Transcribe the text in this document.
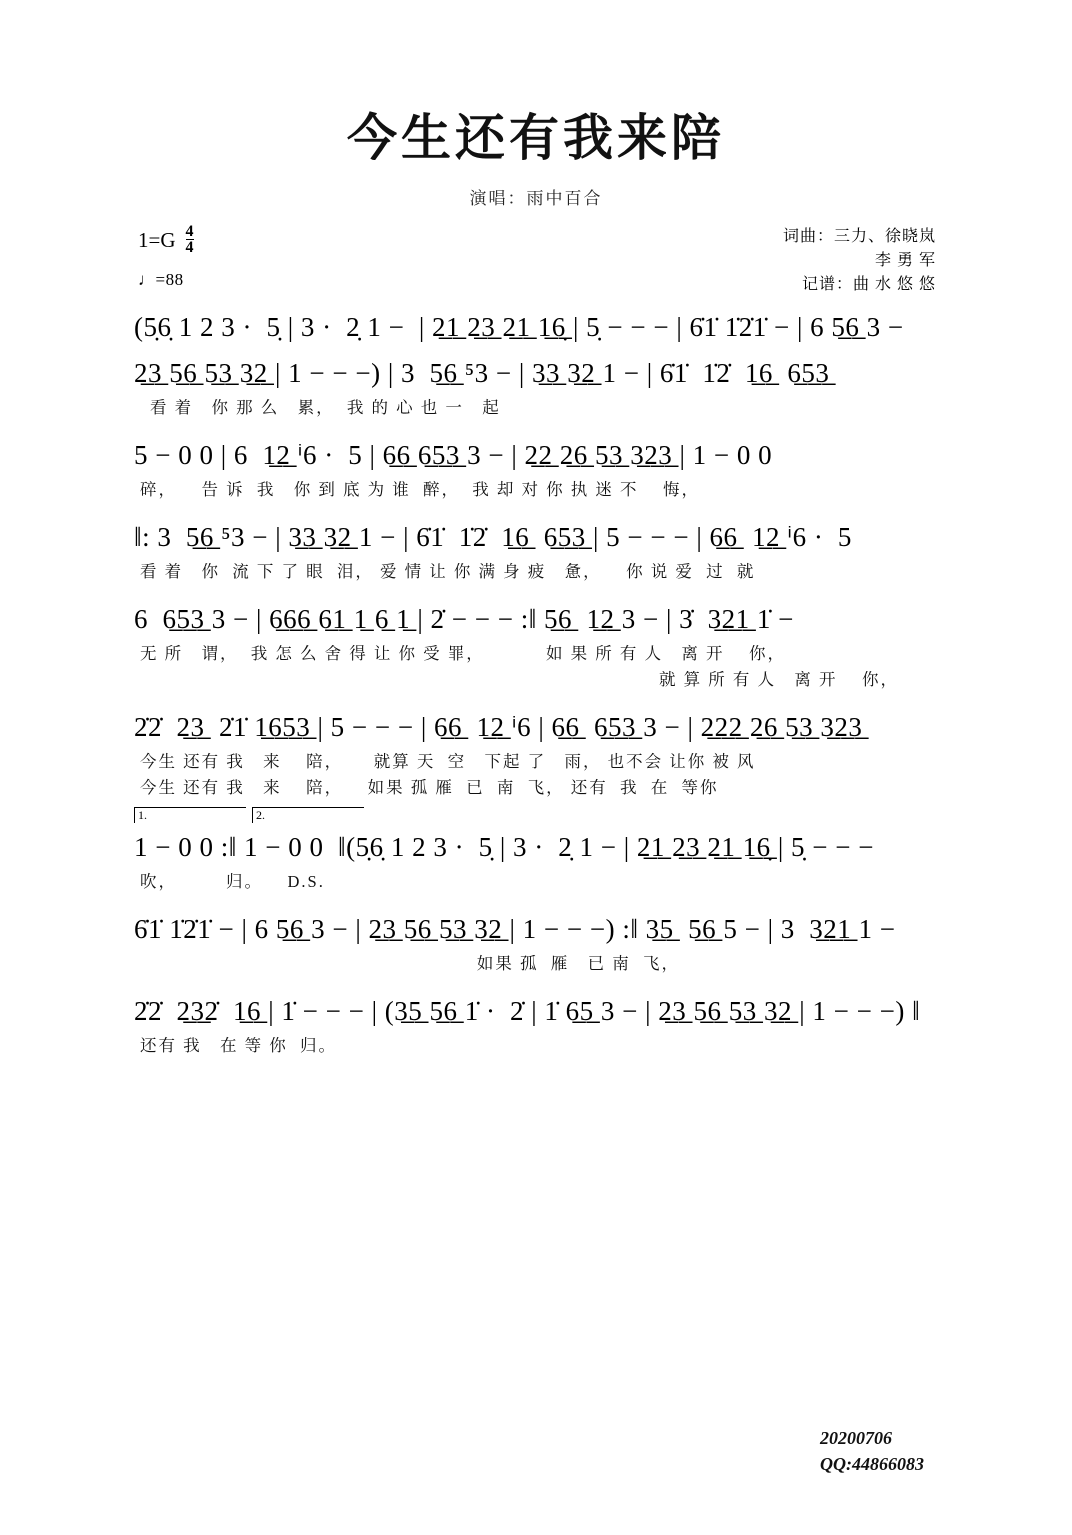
今生还有我来陪
演唱：雨中百合
$1=G \frac{4}{4}$
♩=88
词曲：三力、徐晓岚
李 勇 军
记谱：曲 水 悠 悠
(5̣6̣ 1 2 3 ·  5̣ | 3 ·  2̣ 1 −  | 2̲1̲ 2̲3̲ 2̲1̲ 1̲6̲̣ | 5̣ − − − | 6̇1̇ 1̇2̇1̇ − | 6 5̲6̲ 3 −
2̲3̲ 5̲6̲ 5̲3̲ 3̲2̲ | 1 − − −) | 3  5̲6̲ ⁵3 − | 3̲3̲ 3̲2̲ 1 − | 6̇1̇  1̇2̇  1̲6̲  6̲5̲3̲
看 着   你 那 么   累，  我 的 心 也 一   起
5 − 0 0 | 6  1̲2̲ ⁱ6 ·  5 | 6̲6̲ 6̲5̲3̲ 3 − | 2̲2̲ 2̲6̲ 5̲3̲ 3̲2̲3̲ | 1 − 0 0
碎，    告 诉  我   你 到 底 为 谁  醉，  我 却 对 你 执 迷 不    悔，
‖: 3  5̲6̲ ⁵3 − | 3̲3̲ 3̲2̲ 1 − | 6̇1̇  1̇2̇  1̲6̲  6̲5̲3̲ | 5 − − − | 6̲6̲  1̲2̲ ⁱ6 ·  5
看 着   你  流 下 了 眼  泪， 爱 情 让 你 满 身 疲   惫，    你 说 爱  过  就
6  6̲5̲3̲ 3 − | 6̲6̲6̲ 6̲1̲ 1̲ 6̲ 1̲ | 2̇ − − − :‖ 5̲6̲  1̲2̲ 3 − | 3̇  3̲2̲1̲ 1̇ −
无 所   谓，  我 怎 么 舍 得 让 你 受 罪，          如 果 所 有 人   离 开    你，
就 算 所 有 人   离 开    你，
2̇2̇  2̲3̲  2̇1̇ 1̲6̲5̲3̲ | 5 − − − | 6̲6̲  1̲2̲ ⁱ6 | 6̲6̲  6̲5̲3̲ 3 − | 2̲2̲2̲ 2̲6̲ 5̲3̲ 3̲2̲3̲
今生 还有 我   来    陪，     就算 天  空   下起 了   雨， 也不会 让你 被 风
今生 还有 我   来    陪，    如果 孤 雁  已  南  飞， 还有  我  在  等你
1.	2.
1 − 0 0 :‖ 1 − 0 0  ‖(5̣6̣ 1 2 3 ·  5̣ | 3 ·  2̣ 1 − | 2̲1̲ 2̲3̲ 2̲1̲ 1̲6̲̣ | 5̣ − − −
吹，        归。    D.S.
6̇1̇ 1̇2̇1̇ − | 6 5̲6̲ 3 − | 2̲3̲ 5̲6̲ 5̲3̲ 3̲2̲ | 1 − − −) :‖ 3̲5̲  5̲6̲ 5 − | 3  3̲2̲1̲ 1 −
如果 孤  雁   已 南  飞，
2̇2̇  2̲3̲2̇  1̲6̲ | 1̇ − − − | (3̲5̲ 5̲6̲ 1̇ ·  2̇ | 1̇ 6̲5̲ 3 − | 2̲3̲ 5̲6̲ 5̲3̲ 3̲2̲ | 1 − − −) ‖
还有 我   在 等 你  归。
20200706
QQ:44866083
